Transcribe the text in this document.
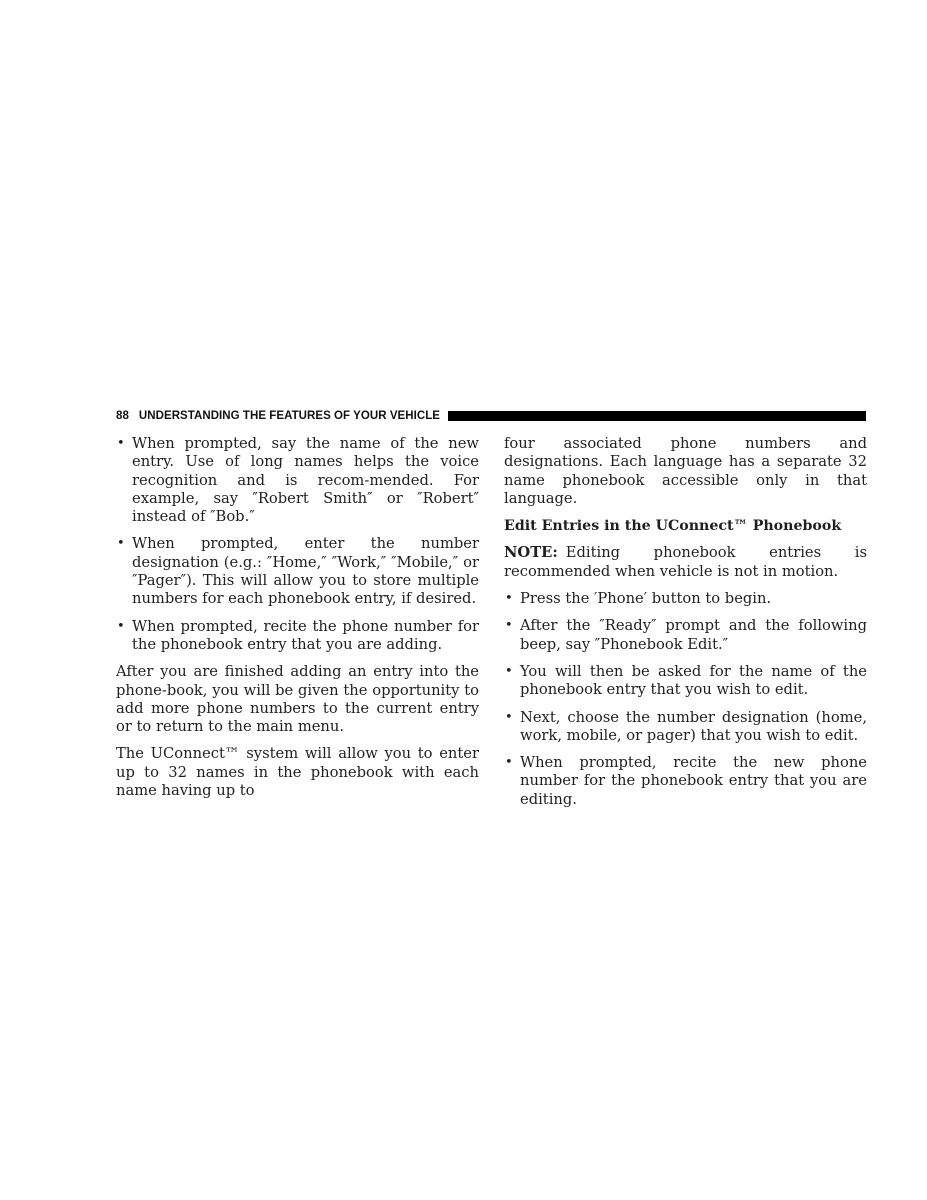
88 UNDERSTANDING THE FEATURES OF YOUR VEHICLE
• When prompted, say the name of the new entry. Use of long names helps the voice recognition and is recom-mended. For example, say ″Robert Smith″ or ″Robert″ instead of ″Bob.″
• When prompted, enter the number designation (e.g.: ″Home,″ ″Work,″ ″Mobile,″ or ″Pager″). This will allow you to store multiple numbers for each phonebook entry, if desired.
• When prompted, recite the phone number for the phonebook entry that you are adding.

After you are finished adding an entry into the phone-book, you will be given the opportunity to add more phone numbers to the current entry or to return to the main menu.

The UConnect™ system will allow you to enter up to 32 names in the phonebook with each name having up to

four associated phone numbers and designations. Each language has a separate 32 name phonebook accessible only in that language.

Edit Entries in the UConnect™ Phonebook

NOTE: Editing phonebook entries is recommended when vehicle is not in motion.

• Press the ′Phone′ button to begin.
• After the ″Ready″ prompt and the following beep, say ″Phonebook Edit.″
• You will then be asked for the name of the phonebook entry that you wish to edit.
• Next, choose the number designation (home, work, mobile, or pager) that you wish to edit.
• When prompted, recite the new phone number for the phonebook entry that you are editing.
